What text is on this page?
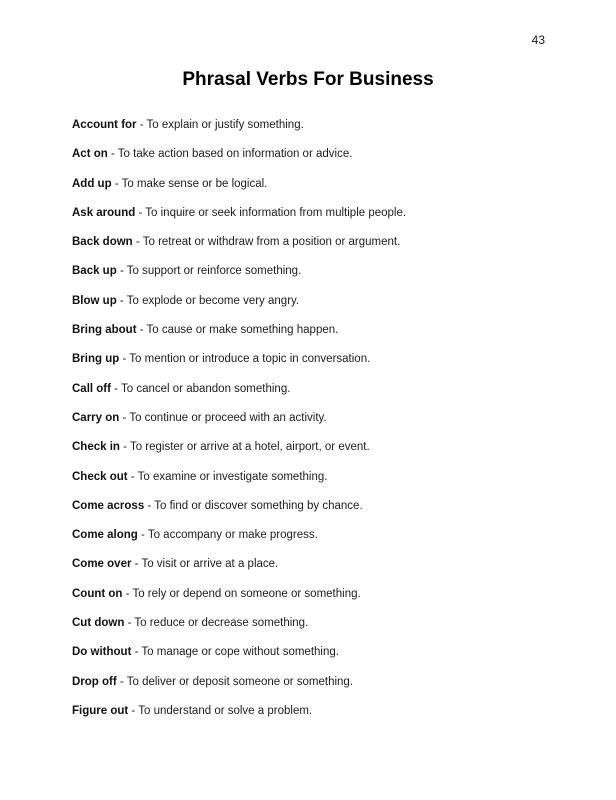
43
Phrasal Verbs For Business
Account for - To explain or justify something.
Act on - To take action based on information or advice.
Add up - To make sense or be logical.
Ask around - To inquire or seek information from multiple people.
Back down - To retreat or withdraw from a position or argument.
Back up - To support or reinforce something.
Blow up - To explode or become very angry.
Bring about - To cause or make something happen.
Bring up - To mention or introduce a topic in conversation.
Call off - To cancel or abandon something.
Carry on - To continue or proceed with an activity.
Check in - To register or arrive at a hotel, airport, or event.
Check out - To examine or investigate something.
Come across - To find or discover something by chance.
Come along - To accompany or make progress.
Come over - To visit or arrive at a place.
Count on - To rely or depend on someone or something.
Cut down - To reduce or decrease something.
Do without - To manage or cope without something.
Drop off - To deliver or deposit someone or something.
Figure out - To understand or solve a problem.
